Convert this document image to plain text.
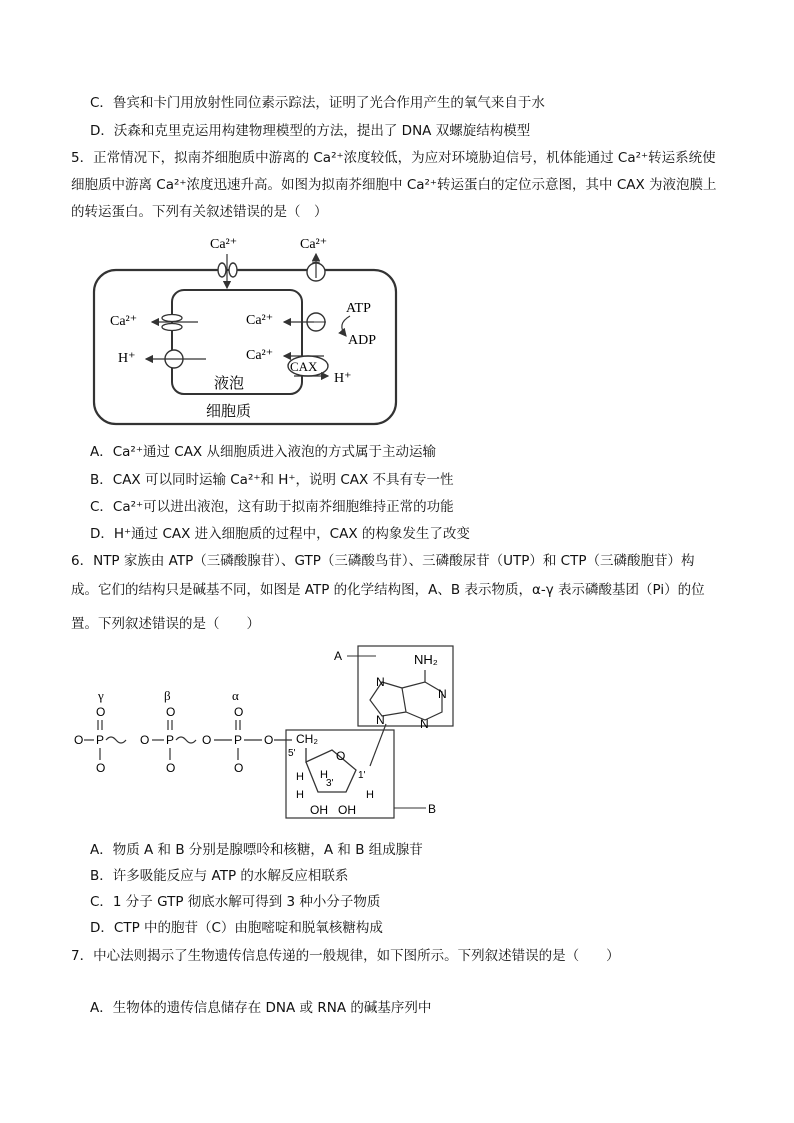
C．鲁宾和卡门用放射性同位素示踪法，证明了光合作用产生的氧气来自于水
D．沃森和克里克运用构建物理模型的方法，提出了 DNA 双螺旋结构模型
5．正常情况下，拟南芥细胞质中游离的 Ca²⁺浓度较低，为应对环境胁迫信号，机体能通过 Ca²⁺转运系统使
细胞质中游离 Ca²⁺浓度迅速升高。如图为拟南芥细胞中 Ca²⁺转运蛋白的定位示意图，其中 CAX 为液泡膜上
的转运蛋白。下列有关叙述错误的是（　）
Ca²⁺	Ca²⁺
Ca²⁺
H⁺
Ca²⁺
ATP
ADP
Ca²⁺
CAX
H⁺
液泡
细胞质
A．Ca²⁺通过 CAX 从细胞质进入液泡的方式属于主动运输
B．CAX 可以同时运输 Ca²⁺和 H⁺，说明 CAX 不具有专一性
C．Ca²⁺可以进出液泡，这有助于拟南芥细胞维持正常的功能
D．H⁺通过 CAX 进入细胞质的过程中，CAX 的构象发生了改变
6．NTP 家族由 ATP（三磷酸腺苷）、GTP（三磷酸鸟苷）、三磷酸尿苷（UTP）和 CTP（三磷酸胞苷）构
成。它们的结构只是碱基不同，如图是 ATP 的化学结构图，A、B 表示物质，α-γ 表示磷酸基团（Pi）的位
置。下列叙述错误的是（　　）
A	NH₂
N
N
N
N
CH₂
5'	O
3'
1'
H
H
H
H
OH OH	B
γ	β	α
O
O P
O
O
O P
O
O
O P
O
O
A．物质 A 和 B 分别是腺嘌呤和核糖，A 和 B 组成腺苷
B．许多吸能反应与 ATP 的水解反应相联系
C．1 分子 GTP 彻底水解可得到 3 种小分子物质
D．CTP 中的胞苷（C）由胞嘧啶和脱氧核糖构成
7．中心法则揭示了生物遗传信息传递的一般规律，如下图所示。下列叙述错误的是（　　）
A．生物体的遗传信息储存在 DNA 或 RNA 的碱基序列中
